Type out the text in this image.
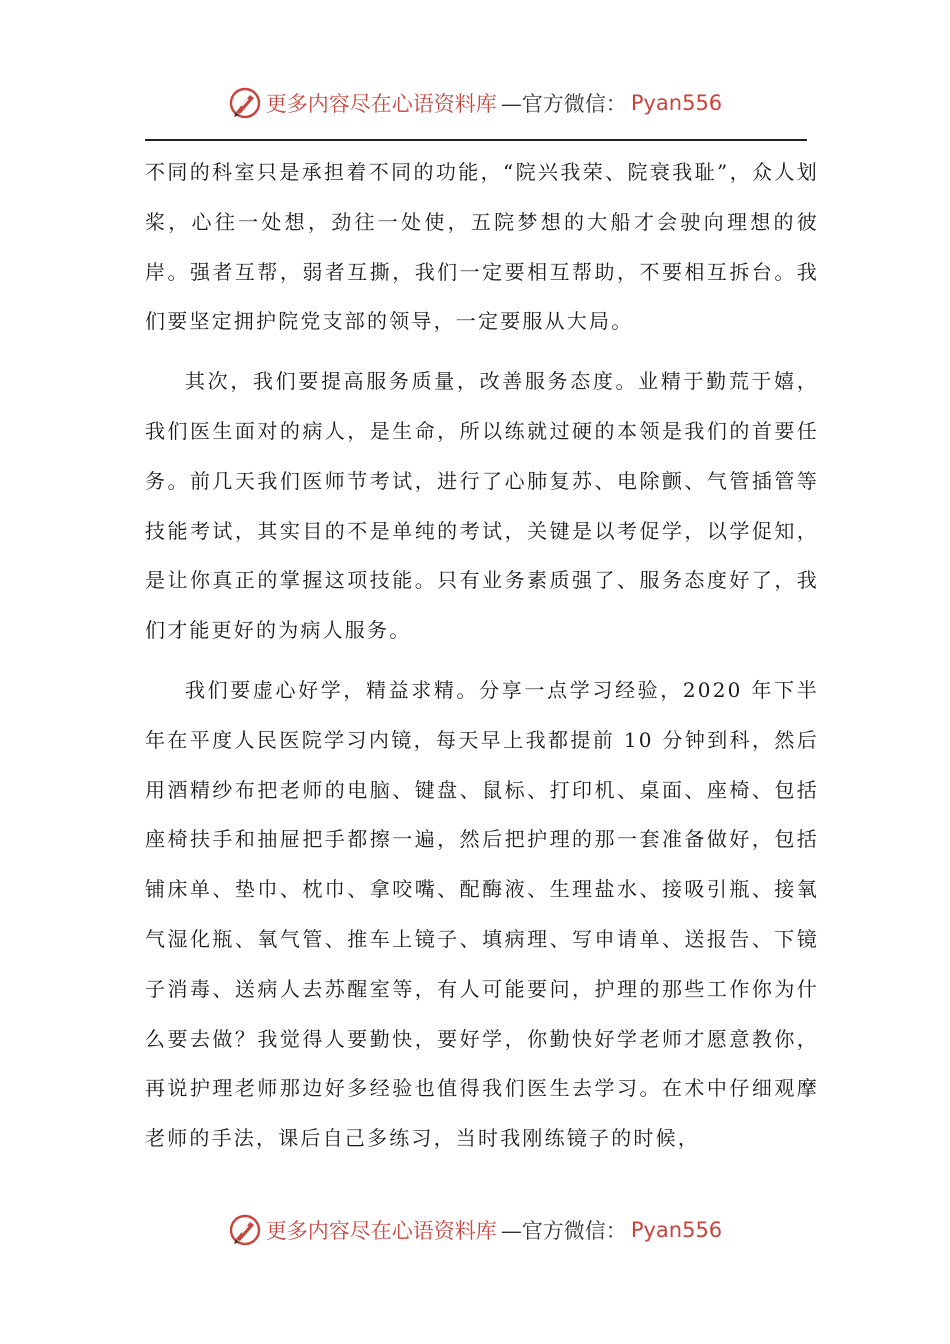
更多内容尽在心语资料库 —官方微信： Pyan556

不同的科室只是承担着不同的功能，“院兴我荣、院衰我耻”，众人划桨，心往一处想，劲往一处使，五院梦想的大船才会驶向理想的彼岸。强者互帮，弱者互撕，我们一定要相互帮助，不要相互拆台。我们要坚定拥护院党支部的领导，一定要服从大局。

其次，我们要提高服务质量，改善服务态度。业精于勤荒于嬉，我们医生面对的病人，是生命，所以练就过硬的本领是我们的首要任务。前几天我们医师节考试，进行了心肺复苏、电除颤、气管插管等技能考试，其实目的不是单纯的考试，关键是以考促学，以学促知，是让你真正的掌握这项技能。只有业务素质强了、服务态度好了，我们才能更好的为病人服务。

我们要虚心好学，精益求精。分享一点学习经验，2020 年下半年在平度人民医院学习内镜，每天早上我都提前 10 分钟到科，然后用酒精纱布把老师的电脑、键盘、鼠标、打印机、桌面、座椅、包括座椅扶手和抽屉把手都擦一遍，然后把护理的那一套准备做好，包括铺床单、垫巾、枕巾、拿咬嘴、配酶液、生理盐水、接吸引瓶、接氧气湿化瓶、氧气管、推车上镜子、填病理、写申请单、送报告、下镜子消毒、送病人去苏醒室等，有人可能要问，护理的那些工作你为什么要去做？我觉得人要勤快，要好学，你勤快好学老师才愿意教你，再说护理老师那边好多经验也值得我们医生去学习。在术中仔细观摩老师的手法，课后自己多练习，当时我刚练镜子的时候，

更多内容尽在心语资料库 —官方微信： Pyan556
